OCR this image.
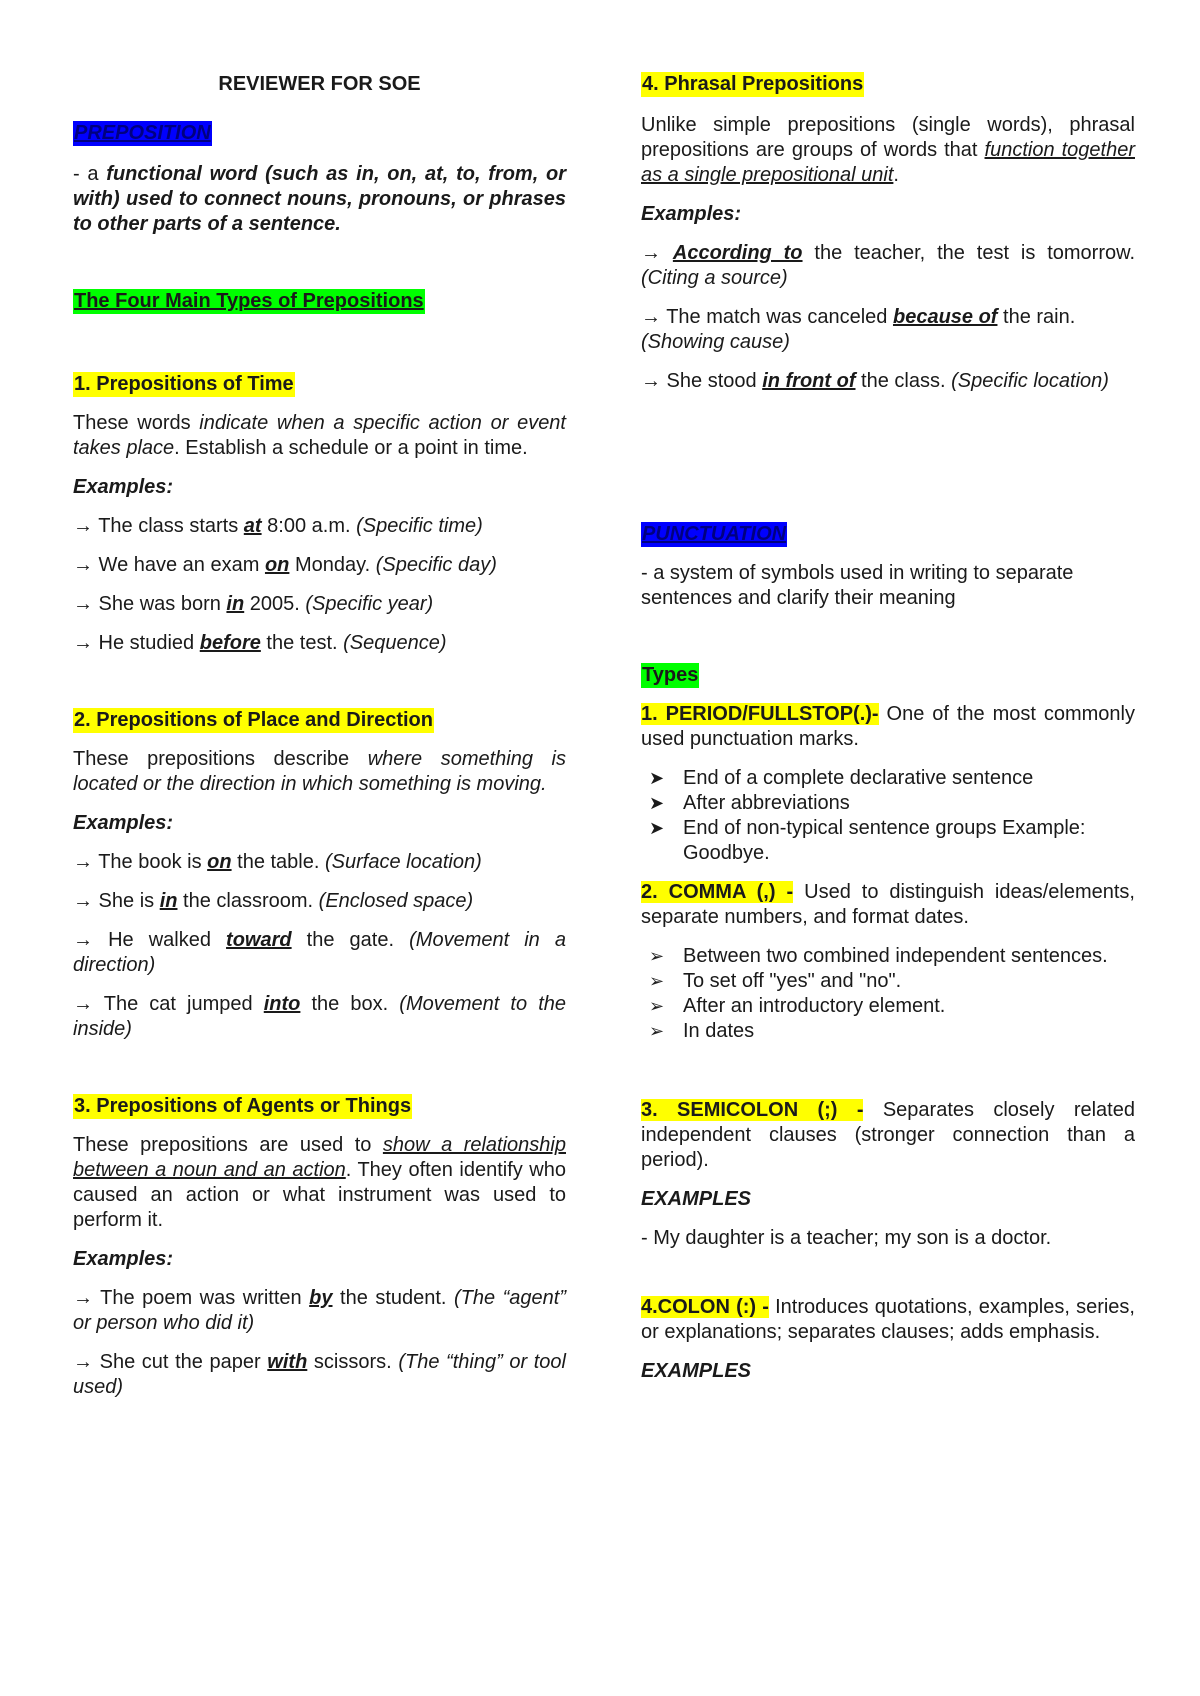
REVIEWER FOR SOE

PREPOSITION

- a functional word (such as in, on, at, to, from, or with) used to connect nouns, pronouns, or phrases to other parts of a sentence.

The Four Main Types of Prepositions

1. Prepositions of Time

These words indicate when a specific action or event takes place. Establish a schedule or a point in time.

Examples:

→ The class starts at 8:00 a.m. (Specific time)

→ We have an exam on Monday. (Specific day)

→ She was born in 2005. (Specific year)

→ He studied before the test. (Sequence)

2. Prepositions of Place and Direction

These prepositions describe where something is located or the direction in which something is moving.

Examples:

→ The book is on the table. (Surface location)

→ She is in the classroom. (Enclosed space)

→ He walked toward the gate. (Movement in a direction)

→ The cat jumped into the box. (Movement to the inside)

3. Prepositions of Agents or Things

These prepositions are used to show a relationship between a noun and an action. They often identify who caused an action or what instrument was used to perform it.

Examples:

→ The poem was written by the student. (The “agent” or person who did it)

→ She cut the paper with scissors. (The “thing” or tool used)

4. Phrasal Prepositions

Unlike simple prepositions (single words), phrasal prepositions are groups of words that function together as a single prepositional unit.

Examples:

→ According to the teacher, the test is tomorrow. (Citing a source)

→ The match was canceled because of the rain. (Showing cause)

→ She stood in front of the class. (Specific location)

PUNCTUATION

- a system of symbols used in writing to separate sentences and clarify their meaning

Types

1. PERIOD/FULLSTOP(.)- One of the most commonly used punctuation marks.

➤ End of a complete declarative sentence
➤ After abbreviations
➤ End of non-typical sentence groups Example: Goodbye.

2. COMMA (,) - Used to distinguish ideas/elements, separate numbers, and format dates.

➢ Between two combined independent sentences.
➢ To set off "yes" and "no".
➢ After an introductory element.
➢ In dates

3. SEMICOLON (;) - Separates closely related independent clauses (stronger connection than a period).

EXAMPLES

- My daughter is a teacher; my son is a doctor.

4.COLON (:) - Introduces quotations, examples, series, or explanations; separates clauses; adds emphasis.

EXAMPLES
